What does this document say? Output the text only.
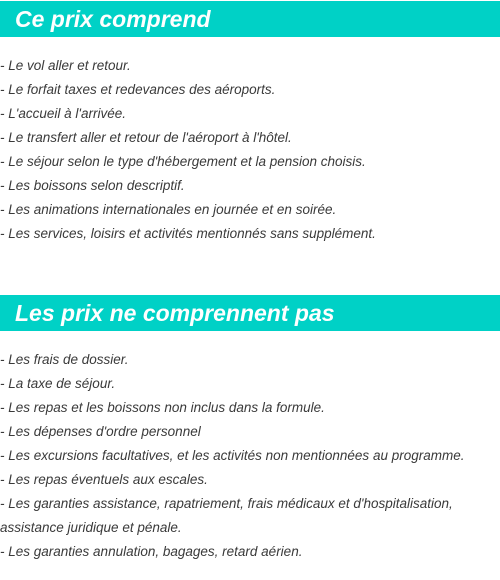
Ce prix comprend
- Le vol aller et retour.
- Le forfait taxes et redevances des aéroports.
- L'accueil à l'arrivée.
- Le transfert aller et retour de l'aéroport à l'hôtel.
- Le séjour selon le type d'hébergement et la pension choisis.
- Les boissons selon descriptif.
- Les animations internationales en journée et en soirée.
- Les services, loisirs et activités mentionnés sans supplément.
Les prix ne comprennent pas
- Les frais de dossier.
- La taxe de séjour.
- Les repas et les boissons non inclus dans la formule.
- Les dépenses d'ordre personnel
- Les excursions facultatives, et les activités non mentionnées au programme.
- Les repas éventuels aux escales.
- Les garanties assistance, rapatriement, frais médicaux et d'hospitalisation, assistance juridique et pénale.
- Les garanties annulation, bagages, retard aérien.
